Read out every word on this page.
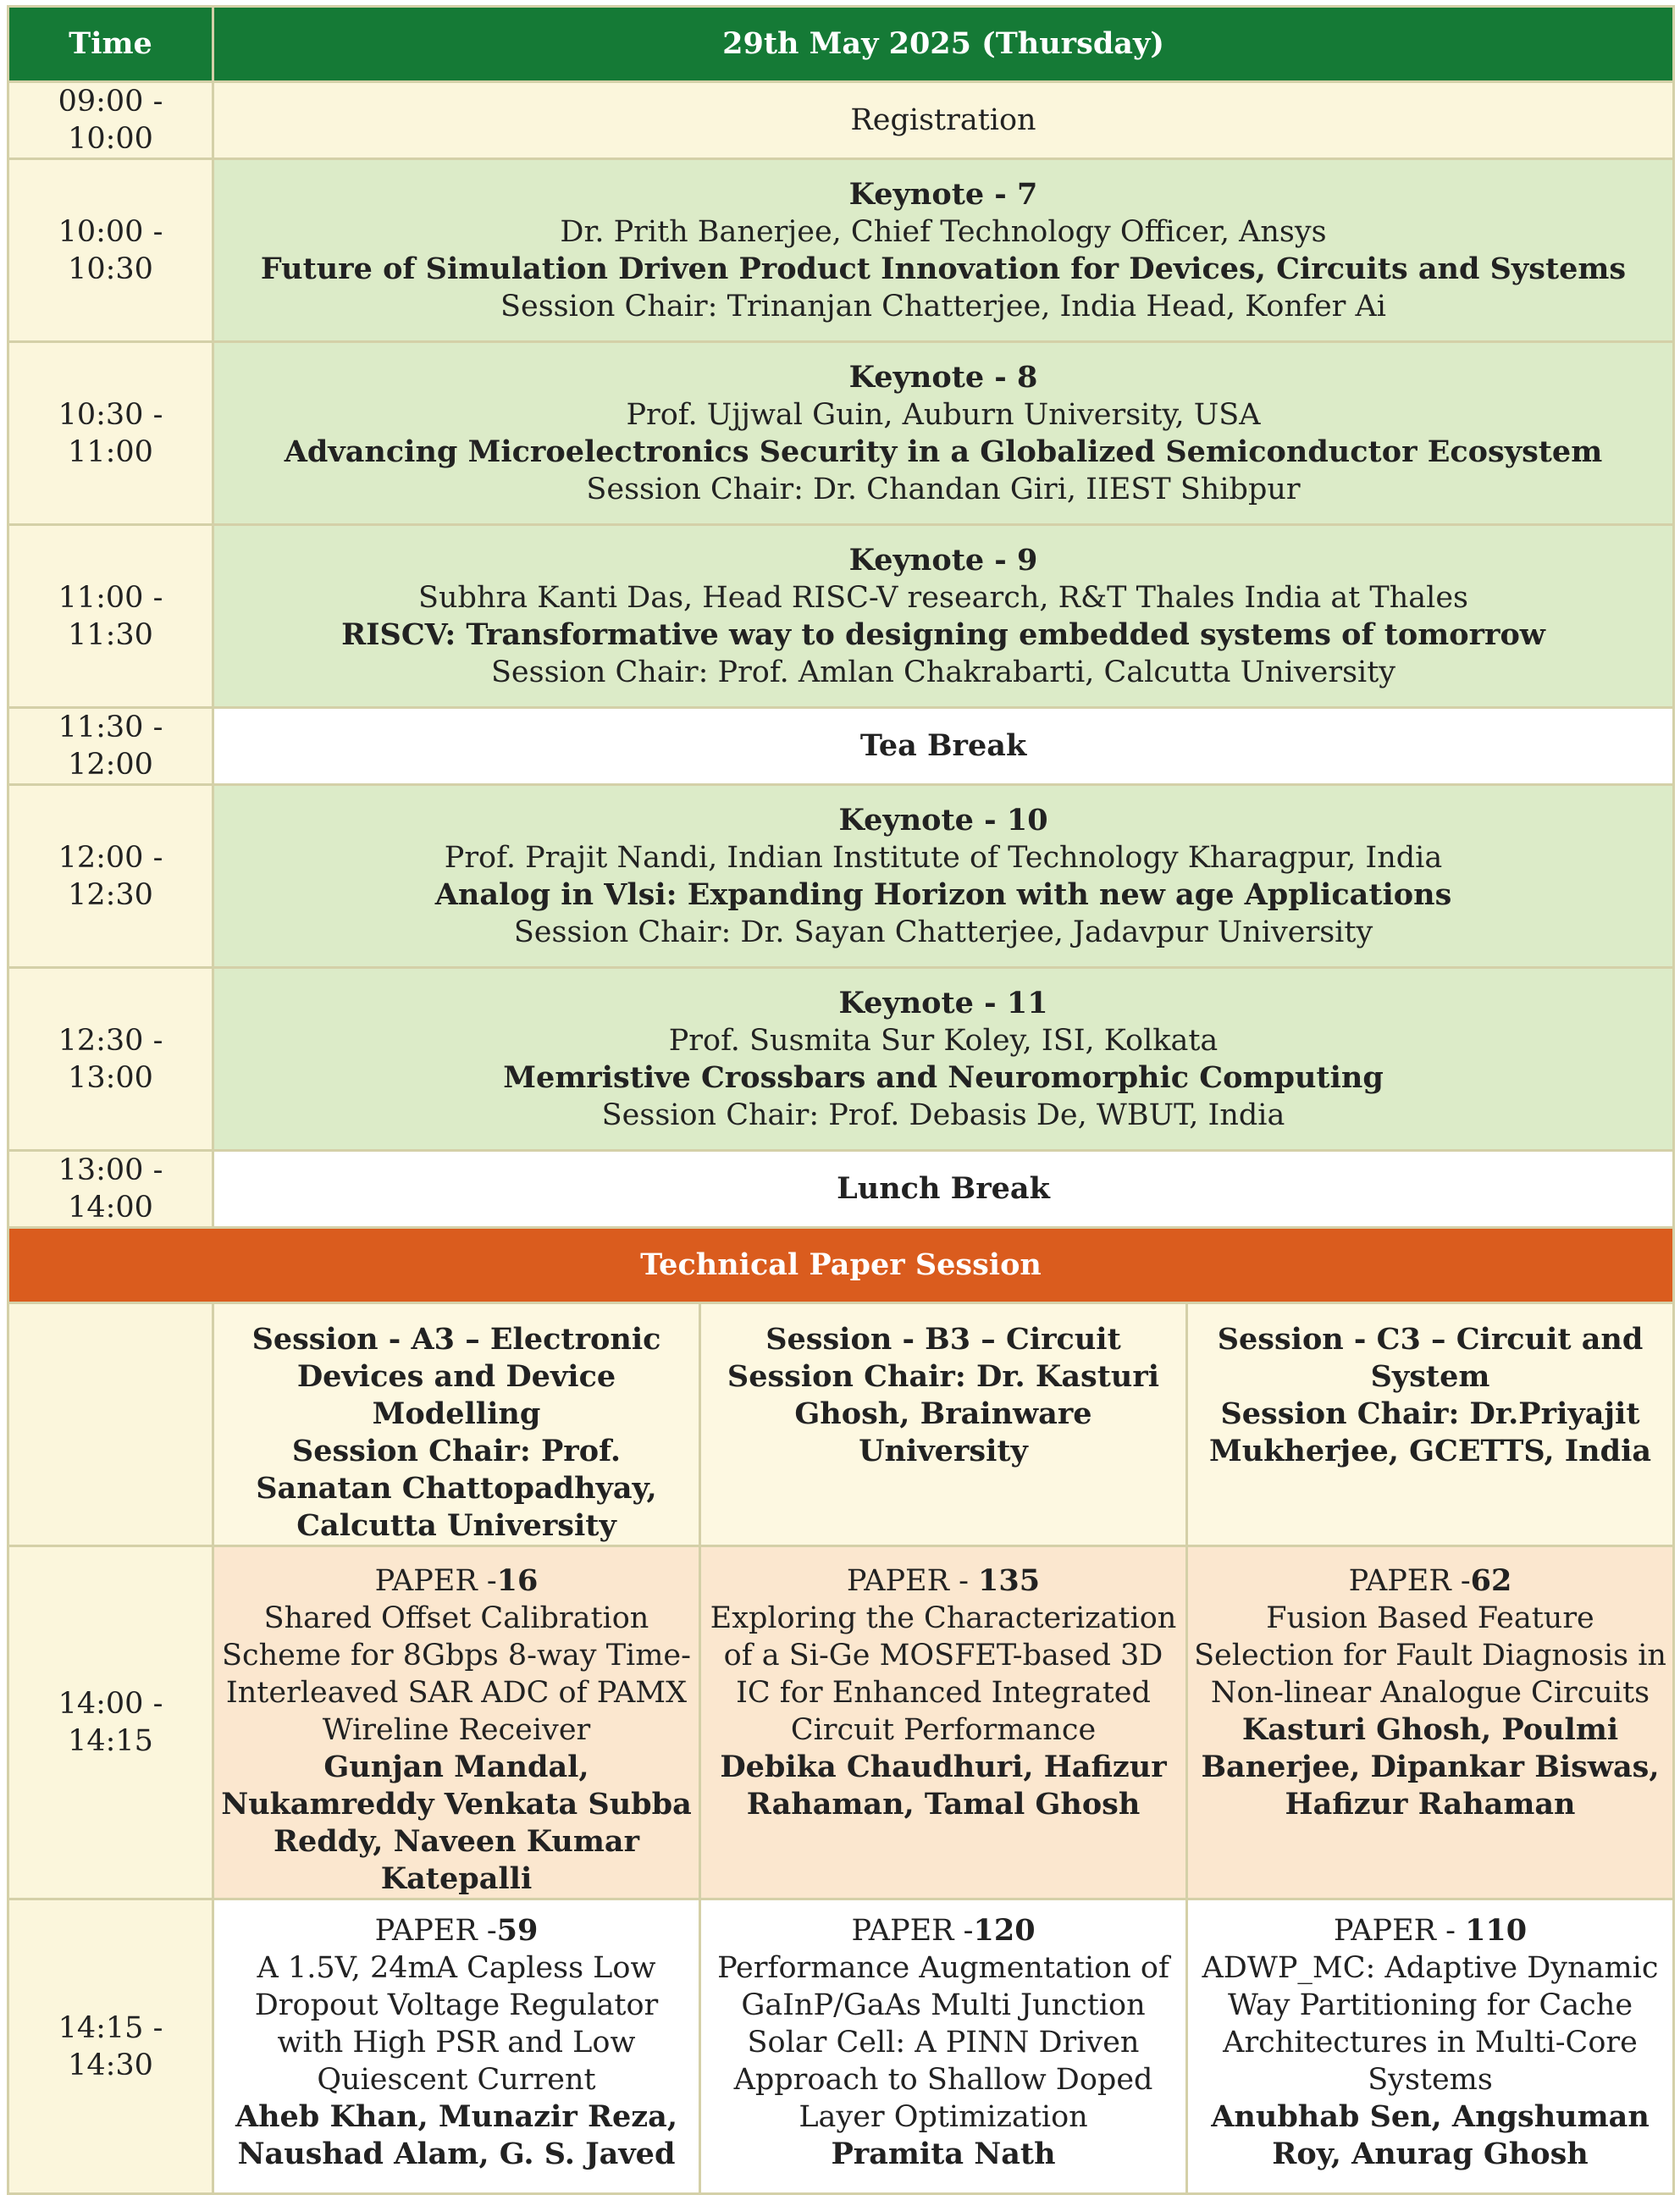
Time	29th May 2025 (Thursday)		
09:00 - 10:00	Registration		
10:00 - 10:30	Keynote - 7
Dr. Prith Banerjee, Chief Technology Officer, Ansys
Future of Simulation Driven Product Innovation for Devices, Circuits and Systems
Session Chair: Trinanjan Chatterjee, India Head, Konfer Ai		

10:30 - 11:00	Keynote - 8
Prof. Ujjwal Guin, Auburn University, USA
Advancing Microelectronics Security in a Globalized Semiconductor Ecosystem
Session Chair: Dr. Chandan Giri, IIEST Shibpur		

11:00 - 11:30	Keynote - 9
Subhra Kanti Das, Head RISC-V research, R&T Thales India at Thales
RISCV: Transformative way to designing embedded systems of tomorrow
Session Chair: Prof. Amlan Chakrabarti, Calcutta University		

11:30 - 12:00	Tea Break		
12:00 - 12:30	Keynote - 10
Prof. Prajit Nandi, Indian Institute of Technology Kharagpur, India
Analog in Vlsi: Expanding Horizon with new age Applications
Session Chair: Dr. Sayan Chatterjee, Jadavpur University		

12:30 - 13:00	Keynote - 11
Prof. Susmita Sur Koley, ISI, Kolkata
Memristive Crossbars and Neuromorphic Computing
Session Chair: Prof. Debasis De, WBUT, India		

13:00 - 14:00	Lunch Break		
Technical Paper Session			

	Session - A3 – Electronic Devices and Device Modelling
Session Chair: Prof. Sanatan Chattopadhyay, Calcutta University	Session - B3 – Circuit
Session Chair: Dr. Kasturi Ghosh, Brainware University	Session - C3 – Circuit and System
Session Chair: Dr.Priyajit Mukherjee, GCETTS, India

14:00 - 14:15	PAPER -16
Shared Offset Calibration Scheme for 8Gbps 8-way Time-Interleaved SAR ADC of PAMX Wireline Receiver
Gunjan Mandal, Nukamreddy Venkata Subba Reddy, Naveen Kumar Katepalli	PAPER - 135
Exploring the Characterization of a Si-Ge MOSFET-based 3D IC for Enhanced Integrated Circuit Performance
Debika Chaudhuri, Hafizur Rahaman, Tamal Ghosh	PAPER -62
Fusion Based Feature Selection for Fault Diagnosis in Non-linear Analogue Circuits
Kasturi Ghosh, Poulmi Banerjee, Dipankar Biswas, Hafizur Rahaman

14:15 - 14:30	PAPER -59
A 1.5V, 24mA Capless Low Dropout Voltage Regulator with High PSR and Low Quiescent Current
Aheb Khan, Munazir Reza, Naushad Alam, G. S. Javed	PAPER -120
Performance Augmentation of GaInP/GaAs Multi Junction Solar Cell: A PINN Driven Approach to Shallow Doped Layer Optimization
Pramita Nath	PAPER - 110
ADWP_MC: Adaptive Dynamic Way Partitioning for Cache Architectures in Multi-Core Systems
Anubhab Sen, Angshuman Roy, Anurag Ghosh
